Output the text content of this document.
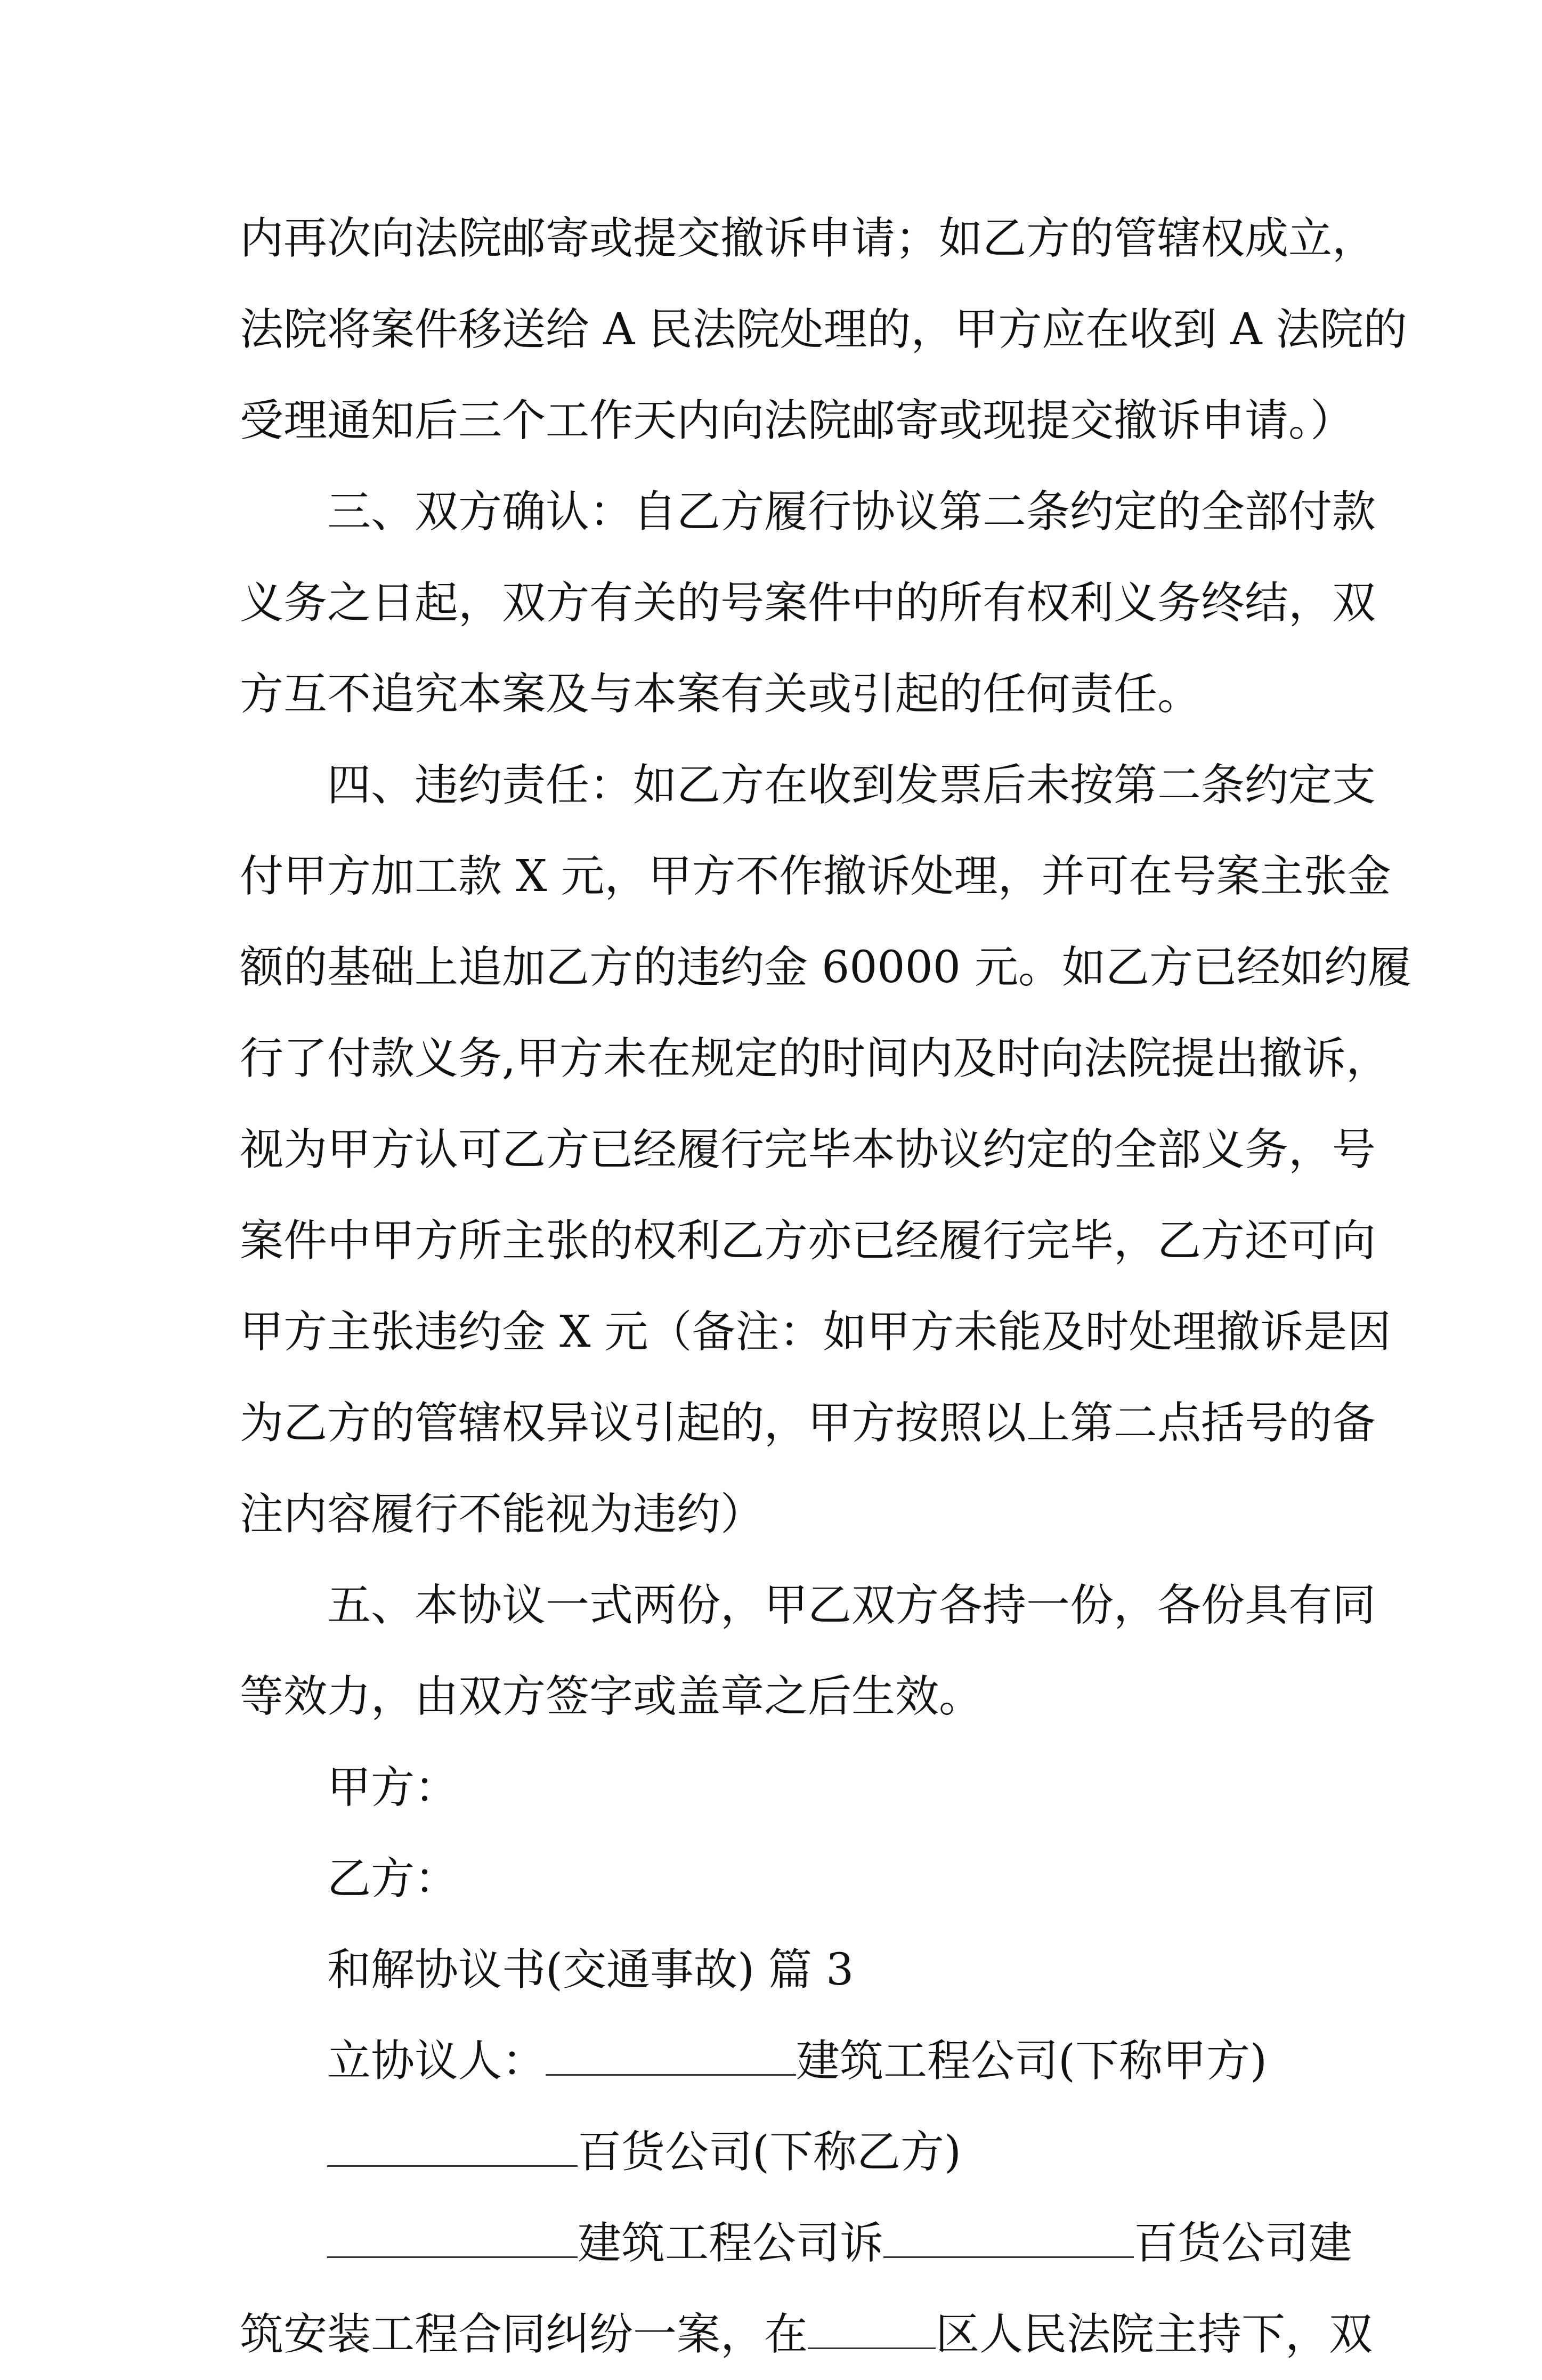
内再次向法院邮寄或提交撤诉申请；如乙方的管辖权成立，
法院将案件移送给 A 民法院处理的，甲方应在收到 A 法院的
受理通知后三个工作天内向法院邮寄或现提交撤诉申请。）
三、双方确认：自乙方履行协议第二条约定的全部付款
义务之日起，双方有关的号案件中的所有权利义务终结，双
方互不追究本案及与本案有关或引起的任何责任。
四、违约责任：如乙方在收到发票后未按第二条约定支
付甲方加工款 X 元，甲方不作撤诉处理，并可在号案主张金
额的基础上追加乙方的违约金 60000 元。如乙方已经如约履
行了付款义务,甲方未在规定的时间内及时向法院提出撤诉，
视为甲方认可乙方已经履行完毕本协议约定的全部义务，号
案件中甲方所主张的权利乙方亦已经履行完毕，乙方还可向
甲方主张违约金 X 元（备注：如甲方未能及时处理撤诉是因
为乙方的管辖权异议引起的，甲方按照以上第二点括号的备
注内容履行不能视为违约）
五、本协议一式两份，甲乙双方各持一份，各份具有同
等效力，由双方签字或盖章之后生效。
甲方：
乙方：
和解协议书(交通事故) 篇 3
立协议人：	建筑工程公司(下称甲方)
百货公司(下称乙方)
建筑工程公司诉	百货公司建
筑安装工程合同纠纷一案，在	区人民法院主持下，双
